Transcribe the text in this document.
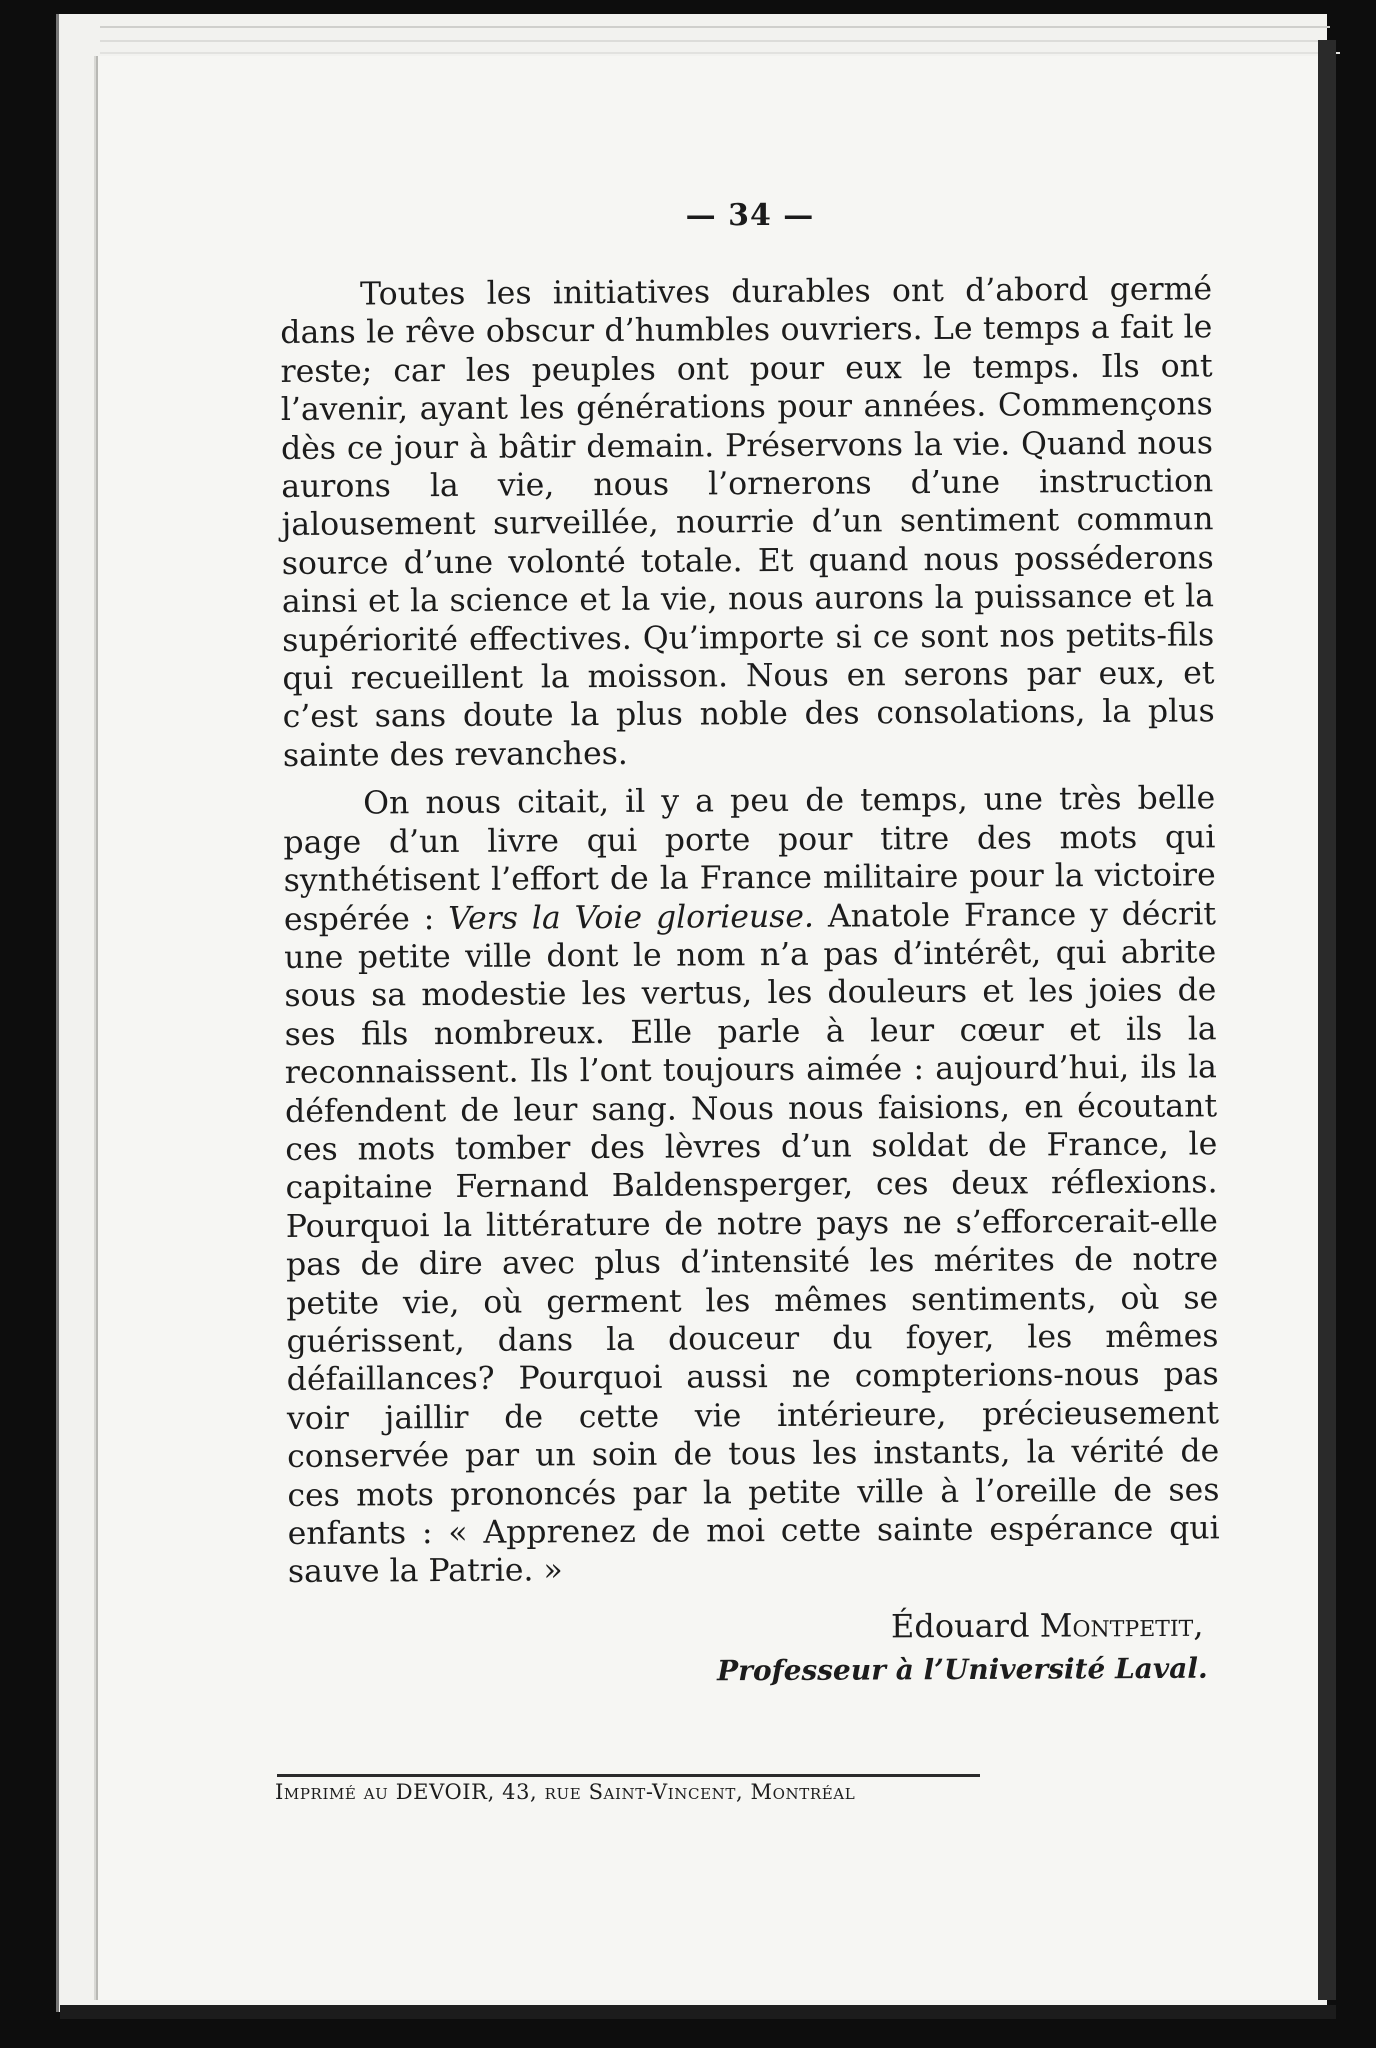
— 34 —

Toutes les initiatives durables ont d’abord germé dans le rêve obscur d’humbles ouvriers. Le temps a fait le reste; car les peuples ont pour eux le temps. Ils ont l’avenir, ayant les générations pour années. Commençons dès ce jour à bâtir demain. Préservons la vie. Quand nous aurons la vie, nous l’ornerons d’une instruction jalousement surveillée, nourrie d’un sentiment commun source d’une volonté totale. Et quand nous posséderons ainsi et la science et la vie, nous aurons la puissance et la supériorité effectives. Qu’importe si ce sont nos petits-fils qui recueillent la moisson. Nous en serons par eux, et c’est sans doute la plus noble des consolations, la plus sainte des revanches.

On nous citait, il y a peu de temps, une très belle page d’un livre qui porte pour titre des mots qui synthétisent l’effort de la France militaire pour la victoire espérée : Vers la Voie glorieuse. Anatole France y décrit une petite ville dont le nom n’a pas d’intérêt, qui abrite sous sa modestie les vertus, les douleurs et les joies de ses fils nombreux. Elle parle à leur cœur et ils la reconnaissent. Ils l’ont toujours aimée : aujourd’hui, ils la défendent de leur sang. Nous nous faisions, en écoutant ces mots tomber des lèvres d’un soldat de France, le capitaine Fernand Baldensperger, ces deux réflexions. Pourquoi la littérature de notre pays ne s’efforcerait-elle pas de dire avec plus d’intensité les mérites de notre petite vie, où germent les mêmes sentiments, où se guérissent, dans la douceur du foyer, les mêmes défaillances? Pourquoi aussi ne compterions-nous pas voir jaillir de cette vie intérieure, précieusement conservée par un soin de tous les instants, la vérité de ces mots prononcés par la petite ville à l’oreille de ses enfants : « Apprenez de moi cette sainte espérance qui sauve la Patrie. »

Édouard Montpetit,
Professeur à l’Université Laval.
Imprimé au DEVOIR, 43, rue Saint-Vincent, Montréal
